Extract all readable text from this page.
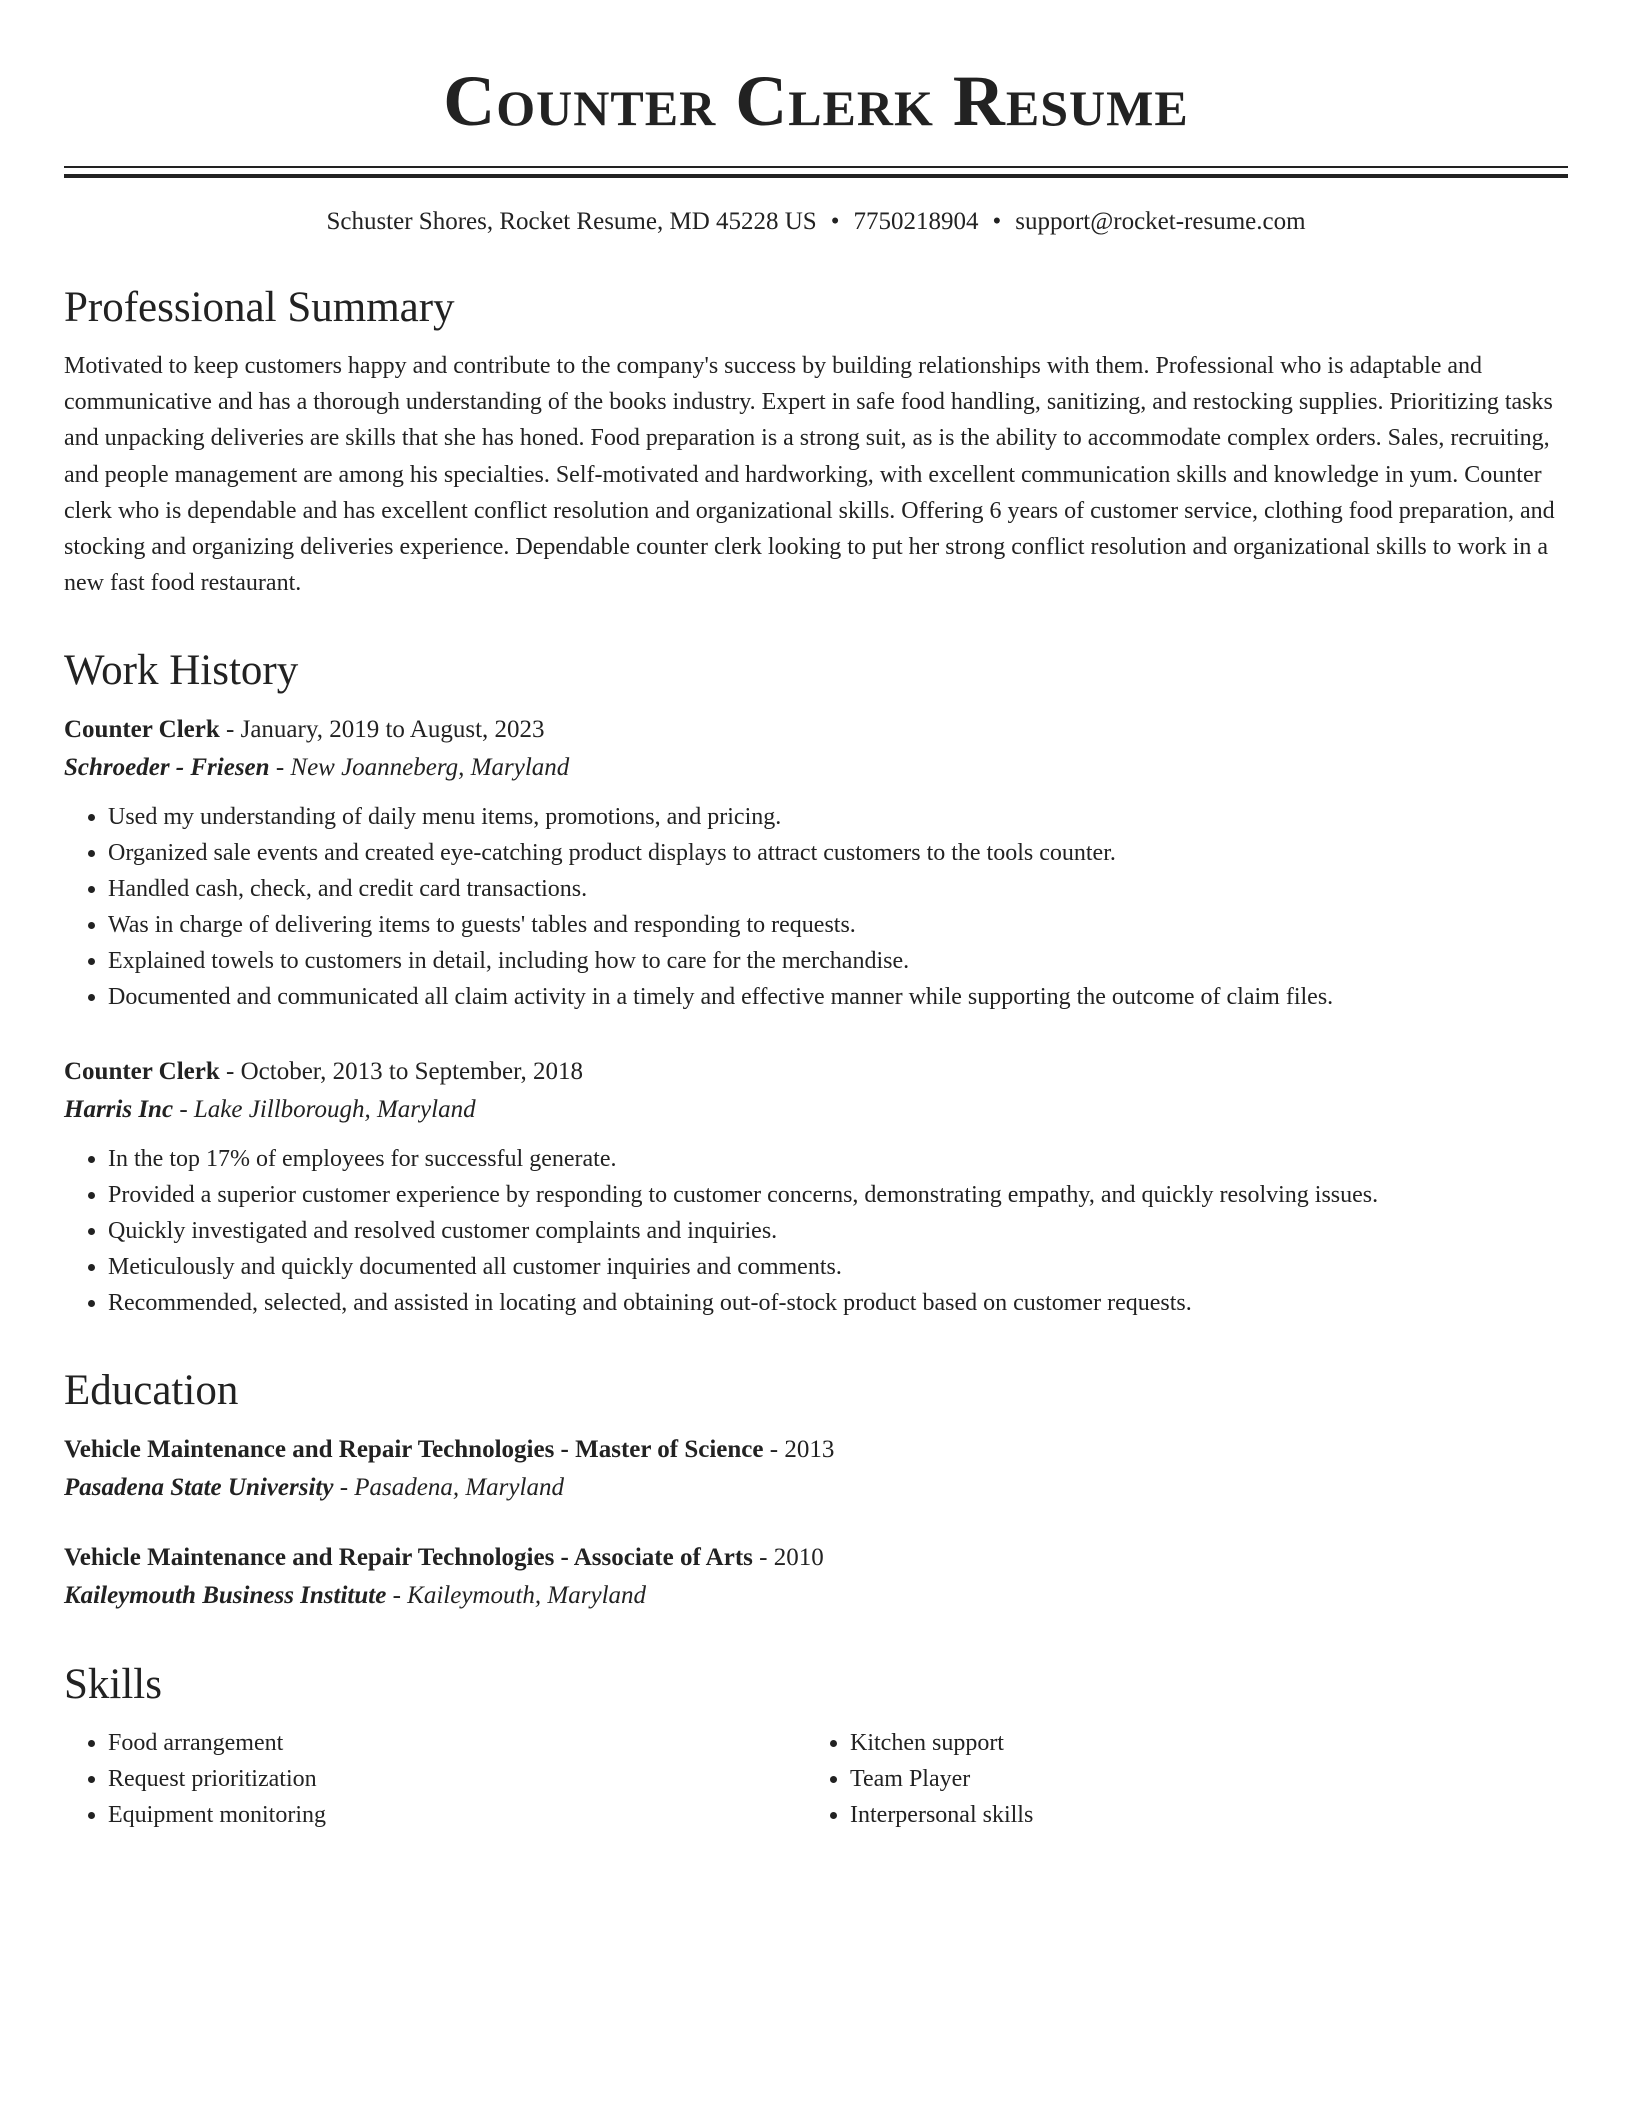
Counter Clerk Resume
Schuster Shores, Rocket Resume, MD 45228 US • 7750218904 • support@rocket-resume.com
Professional Summary

Motivated to keep customers happy and contribute to the company's success by building relationships with them. Professional who is adaptable and communicative and has a thorough understanding of the books industry. Expert in safe food handling, sanitizing, and restocking supplies. Prioritizing tasks and unpacking deliveries are skills that she has honed. Food preparation is a strong suit, as is the ability to accommodate complex orders. Sales, recruiting, and people management are among his specialties. Self-motivated and hardworking, with excellent communication skills and knowledge in yum. Counter clerk who is dependable and has excellent conflict resolution and organizational skills. Offering 6 years of customer service, clothing food preparation, and stocking and organizing deliveries experience. Dependable counter clerk looking to put her strong conflict resolution and organizational skills to work in a new fast food restaurant.

Work History
Counter Clerk - January, 2019 to August, 2023
Schroeder - Friesen - New Joanneberg, Maryland
• Used my understanding of daily menu items, promotions, and pricing.
• Organized sale events and created eye-catching product displays to attract customers to the tools counter.
• Handled cash, check, and credit card transactions.
• Was in charge of delivering items to guests' tables and responding to requests.
• Explained towels to customers in detail, including how to care for the merchandise.
• Documented and communicated all claim activity in a timely and effective manner while supporting the outcome of claim files.
Counter Clerk - October, 2013 to September, 2018
Harris Inc - Lake Jillborough, Maryland
• In the top 17% of employees for successful generate.
• Provided a superior customer experience by responding to customer concerns, demonstrating empathy, and quickly resolving issues.
• Quickly investigated and resolved customer complaints and inquiries.
• Meticulously and quickly documented all customer inquiries and comments.
• Recommended, selected, and assisted in locating and obtaining out-of-stock product based on customer requests.
Education
Vehicle Maintenance and Repair Technologies - Master of Science - 2013
Pasadena State University - Pasadena, Maryland
Vehicle Maintenance and Repair Technologies - Associate of Arts - 2010
Kaileymouth Business Institute - Kaileymouth, Maryland
Skills
• Food arrangement
• Request prioritization
• Equipment monitoring
• Kitchen support
• Team Player
• Interpersonal skills
